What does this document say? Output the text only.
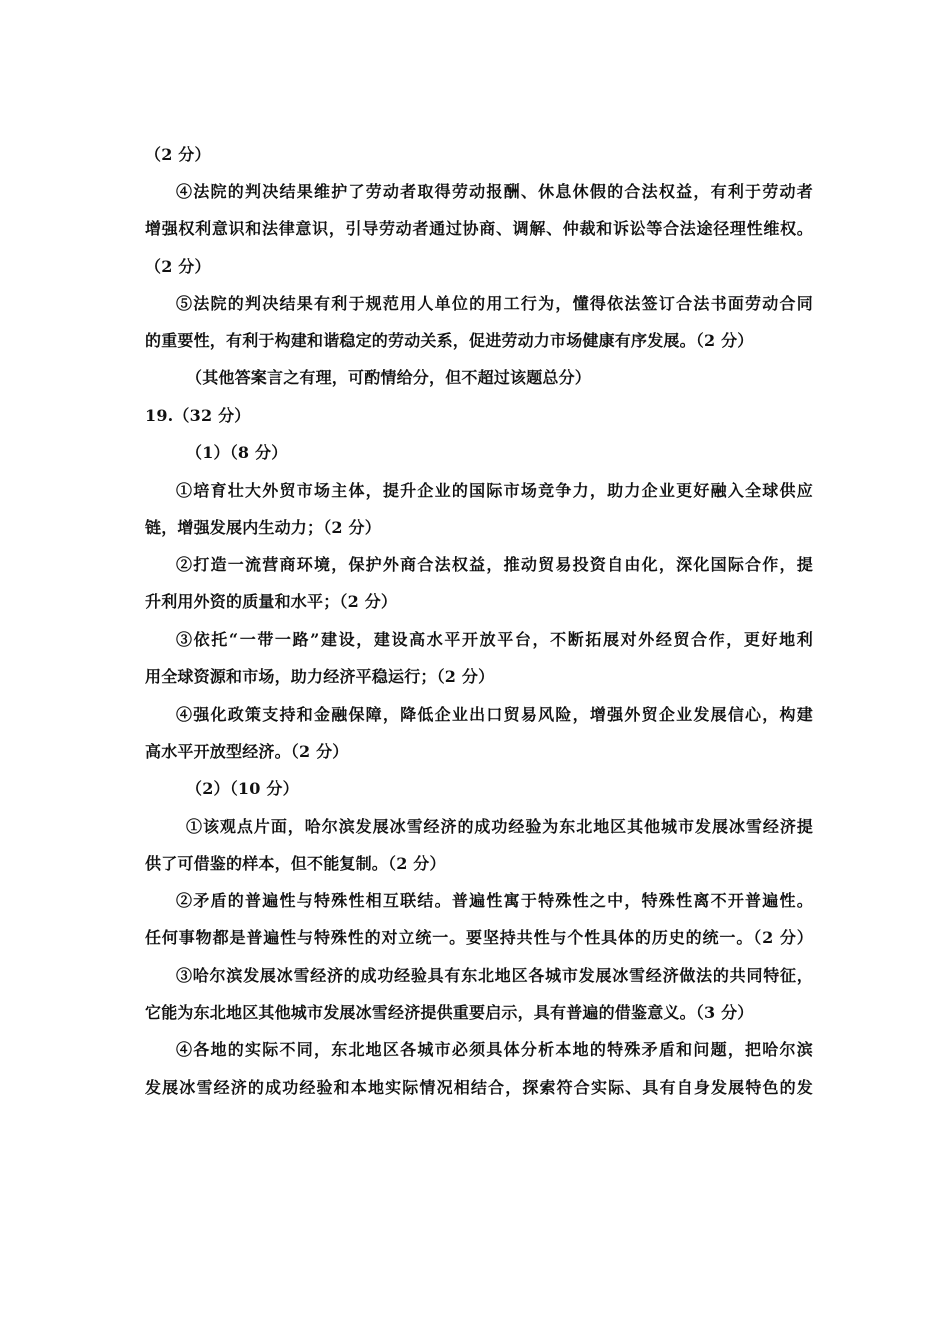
（2 分）
④法院的判决结果维护了劳动者取得劳动报酬、休息休假的合法权益，有利于劳动者
增强权利意识和法律意识，引导劳动者通过协商、调解、仲裁和诉讼等合法途径理性维权。
（2 分）
⑤法院的判决结果有利于规范用人单位的用工行为，懂得依法签订合法书面劳动合同
的重要性，有利于构建和谐稳定的劳动关系，促进劳动力市场健康有序发展。（2 分）
（其他答案言之有理，可酌情给分，但不超过该题总分）
19.（32 分）
（1）（8 分）
①培育壮大外贸市场主体，提升企业的国际市场竞争力，助力企业更好融入全球供应
链，增强发展内生动力；（2 分）
②打造一流营商环境，保护外商合法权益，推动贸易投资自由化，深化国际合作，提
升利用外资的质量和水平；（2 分）
③依托“一带一路”建设，建设高水平开放平台，不断拓展对外经贸合作，更好地利
用全球资源和市场，助力经济平稳运行；（2 分）
④强化政策支持和金融保障，降低企业出口贸易风险，增强外贸企业发展信心，构建
高水平开放型经济。（2 分）
（2）（10 分）
①该观点片面，哈尔滨发展冰雪经济的成功经验为东北地区其他城市发展冰雪经济提
供了可借鉴的样本，但不能复制。（2 分）
②矛盾的普遍性与特殊性相互联结。普遍性寓于特殊性之中，特殊性离不开普遍性。
任何事物都是普遍性与特殊性的对立统一。要坚持共性与个性具体的历史的统一。（2 分）
③哈尔滨发展冰雪经济的成功经验具有东北地区各城市发展冰雪经济做法的共同特征，
它能为东北地区其他城市发展冰雪经济提供重要启示，具有普遍的借鉴意义。（3 分）
④各地的实际不同，东北地区各城市必须具体分析本地的特殊矛盾和问题，把哈尔滨
发展冰雪经济的成功经验和本地实际情况相结合，探索符合实际、具有自身发展特色的发
